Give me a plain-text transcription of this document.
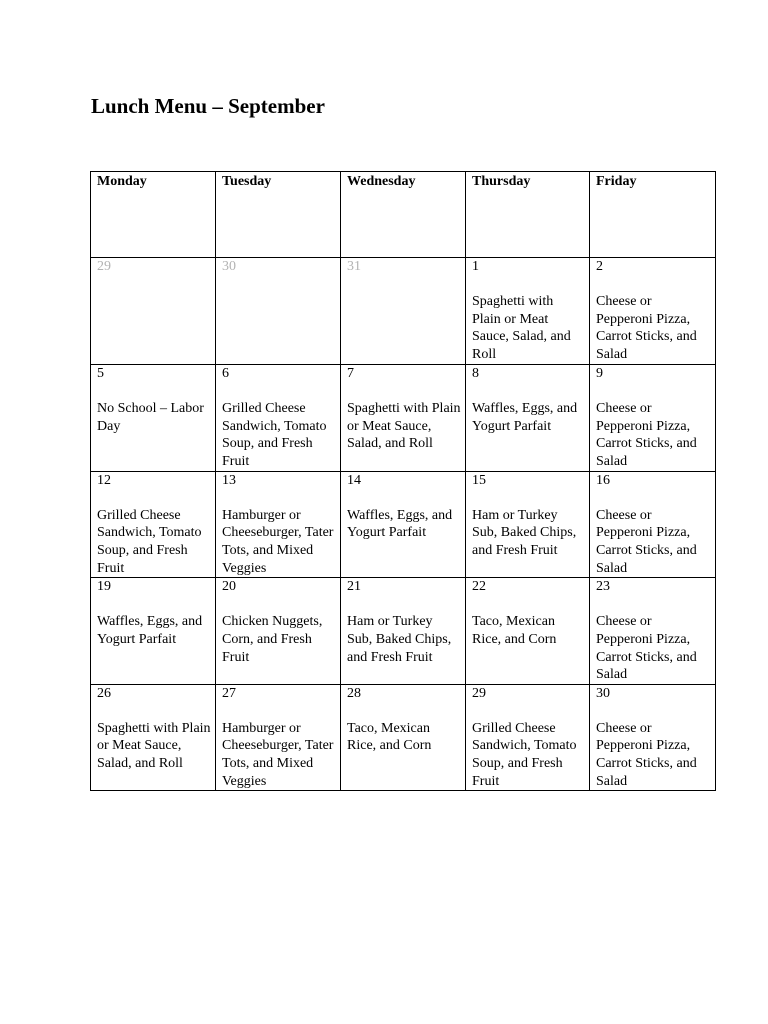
Lunch Menu – September
Monday	Tuesday	Wednesday	Thursday	Friday

29	30	31	1
Spaghetti with Plain or Meat Sauce, Salad, and Roll	2
Cheese or Pepperoni Pizza, Carrot Sticks, and Salad

5
No School – Labor Day	6
Grilled Cheese Sandwich, Tomato Soup, and Fresh Fruit	7
Spaghetti with Plain or Meat Sauce, Salad, and Roll	8
Waffles, Eggs, and Yogurt Parfait	9
Cheese or Pepperoni Pizza, Carrot Sticks, and Salad

12
Grilled Cheese Sandwich, Tomato Soup, and Fresh Fruit	13
Hamburger or Cheeseburger, Tater Tots, and Mixed Veggies	14
Waffles, Eggs, and Yogurt Parfait	15
Ham or Turkey Sub, Baked Chips, and Fresh Fruit	16
Cheese or Pepperoni Pizza, Carrot Sticks, and Salad

19
Waffles, Eggs, and Yogurt Parfait	20
Chicken Nuggets, Corn, and Fresh Fruit	21
Ham or Turkey Sub, Baked Chips, and Fresh Fruit	22
Taco, Mexican Rice, and Corn	23
Cheese or Pepperoni Pizza, Carrot Sticks, and Salad

26
Spaghetti with Plain or Meat Sauce, Salad, and Roll	27
Hamburger or Cheeseburger, Tater Tots, and Mixed Veggies	28
Taco, Mexican Rice, and Corn	29
Grilled Cheese Sandwich, Tomato Soup, and Fresh Fruit	30
Cheese or Pepperoni Pizza, Carrot Sticks, and Salad
